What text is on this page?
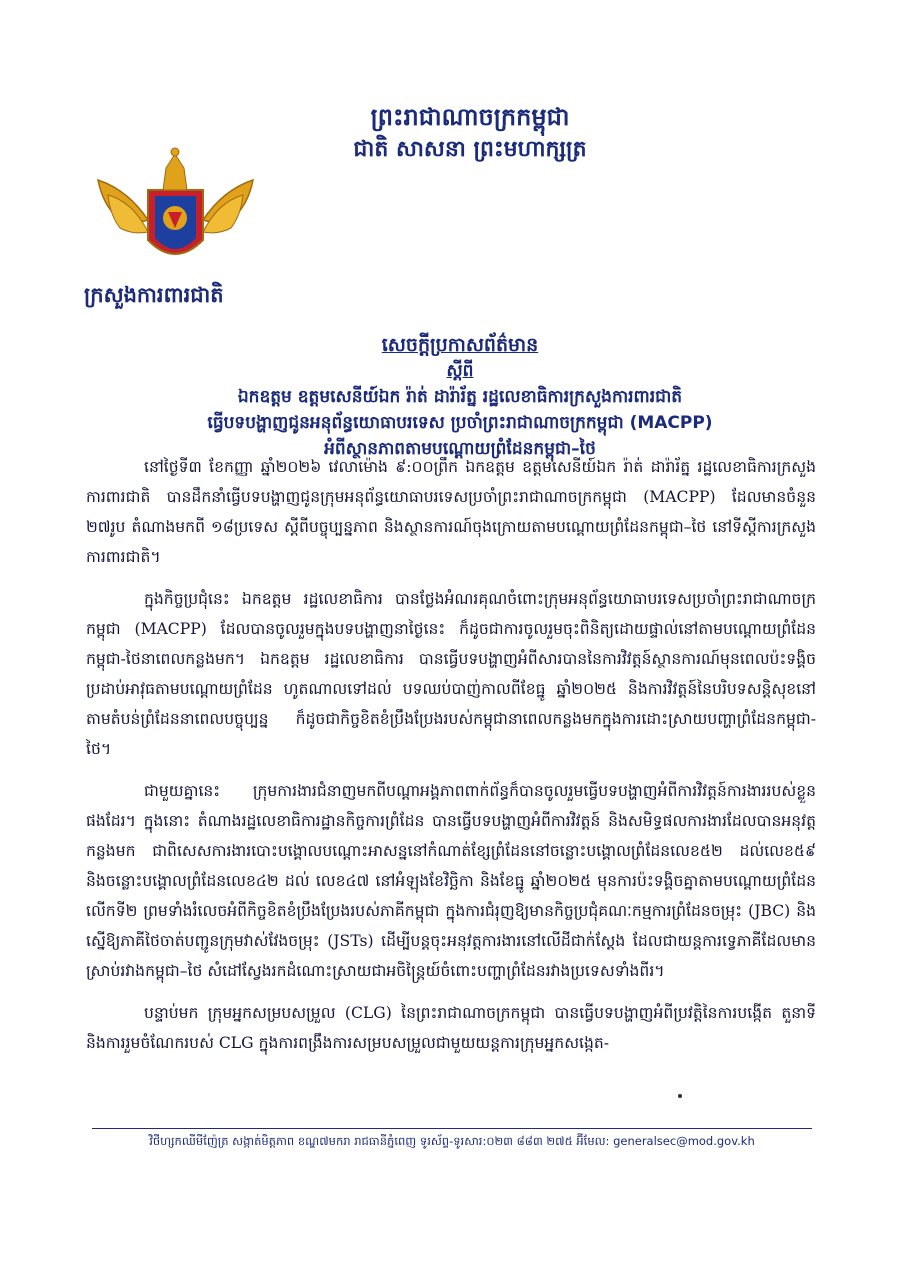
ព្រះរាជាណាចក្រកម្ពុជា
ជាតិ សាសនា ព្រះមហាក្សត្រ
ក្រសួងការពារជាតិ
សេចក្តីប្រកាសព័ត៌មាន
ស្តីពី
ឯកឧត្តម ឧត្តមសេនីយ៍ឯក រ៉ាត់ ដារ៉ារ័ត្ន រដ្ឋលេខាធិការក្រសួងការពារជាតិ
ធ្វើបទបង្ហាញជូនអនុព័ន្ធយោធាបរទេស ប្រចាំព្រះរាជាណាចក្រកម្ពុជា (MACPP)
អំពីស្ថានភាពតាមបណ្តោយព្រំដែនកម្ពុជា–ថៃ

នៅថ្ងៃទី៣ ខែកញ្ញា ឆ្នាំ២០២៦ វេលាម៉ោង ៩:០០ព្រឹក ឯកឧត្តម ឧត្តមសេនីយ៍ឯក រ៉ាត់ ដារ៉ារ័ត្ន រដ្ឋលេខាធិការក្រសួងការពារជាតិ បានដឹកនាំធ្វើបទបង្ហាញជូនក្រុមអនុព័ន្ធយោធាបរទេសប្រចាំព្រះរាជាណាចក្រកម្ពុជា (MACPP) ដែលមានចំនួន ២៧រូប តំណាងមកពី ១៨ប្រទេស ស្តីពីបច្ចុប្បន្នភាព និងស្ថានការណ៍ចុងក្រោយតាមបណ្តោយព្រំដែនកម្ពុជា–ថៃ នៅទីស្តីការក្រសួងការពារជាតិ។

ក្នុងកិច្ចប្រជុំនេះ ឯកឧត្តម រដ្ឋលេខាធិការ បានថ្លែងអំណរគុណចំពោះក្រុមអនុព័ន្ធយោធាបរទេសប្រចាំព្រះរាជាណាចក្រកម្ពុជា (MACPP) ដែលបានចូលរួមក្នុងបទបង្ហាញនាថ្ងៃនេះ ក៏ដូចជាការចូលរួមចុះពិនិត្យដោយផ្ទាល់នៅតាមបណ្តោយព្រំដែនកម្ពុជា-ថៃនាពេលកន្លងមក។ ឯកឧត្តម រដ្ឋលេខាធិការ បានធ្វើបទបង្ហាញអំពីសារបាននៃការវិវត្តន៍ស្ថានការណ៍មុនពេលប៉ះទង្គិចប្រដាប់អាវុធតាមបណ្តោយព្រំដែន ហូតណាលទៅដល់ បទឈប់បាញ់កាលពីខែធ្នូ ឆ្នាំ២០២៥ និងការវិវត្តន៍នៃបរិបទសន្តិសុខនៅតាមតំបន់ព្រំដែននាពេលបច្ចុប្បន្ន ក៏ដូចជាកិច្ចខិតខំប្រឹងប្រែងរបស់កម្ពុជានាពេលកន្លងមកក្នុងការដោះស្រាយបញ្ហាព្រំដែនកម្ពុជា-ថៃ។

ជាមួយគ្នានេះ ក្រុមការងារជំនាញមកពីបណ្តាអង្គភាពពាក់ព័ន្ធក៏បានចូលរួមធ្វើបទបង្ហាញអំពីការវិវត្តន៍ការងាររបស់ខ្លួនផងដែរ។ ក្នុងនោះ តំណាងរដ្ឋលេខាធិការដ្ឋានកិច្ចការព្រំដែន បានធ្វើបទបង្ហាញអំពីការវិវត្តន៍ និងសមិទ្ធផលការងារដែលបានអនុវត្តកន្លងមក ជាពិសេសការងារបោះបង្គោលបណ្តោះអាសន្ននៅកំណាត់ខ្សែព្រំដែននៅចន្លោះបង្គោលព្រំដែនលេខ៥២ ដល់លេខ៥៩ និងចន្លោះបង្គោលព្រំដែនលេខ៤២ ដល់ លេខ៤៧ នៅអំឡុងខែវិច្ឆិកា និងខែធ្នូ ឆ្នាំ២០២៥ មុនការប៉ះទង្គិចគ្នាតាមបណ្តោយព្រំដែនលើកទី២ ព្រមទាំងរំលេចអំពីកិច្ចខិតខំប្រឹងប្រែងរបស់ភាគីកម្ពុជា ក្នុងការជំរុញឱ្យមានកិច្ចប្រជុំគណៈកម្មការព្រំដែនចម្រុះ (JBC) និងស្នើឱ្យភាគីថៃចាត់បញ្ជូនក្រុមវាស់វែងចម្រុះ (JSTs) ដើម្បីបន្តចុះអនុវត្តការងារនៅលើដីជាក់ស្តែង ដែលជាយន្តការទ្វេភាគីដែលមានស្រាប់រវាងកម្ពុជា–ថៃ សំដៅស្វែងរកដំណោះស្រាយជាអចិន្ត្រៃយ៍ចំពោះបញ្ហាព្រំដែនរវាងប្រទេសទាំងពីរ។

បន្ទាប់មក ក្រុមអ្នកសម្របសម្រួល (CLG) នៃព្រះរាជាណាចក្រកម្ពុជា បានធ្វើបទបង្ហាញអំពីប្រវត្តិនៃការបង្កើត តួនាទី និងការរួមចំណែករបស់ CLG ក្នុងការពង្រឹងការសម្របសម្រួលជាមួយយន្តការក្រុមអ្នកសង្កេត-

វិថីហ្សកឈីមីញ៉ែត្រ សង្កាត់មិត្តភាព ខណ្ឌ៧មករា រាជធានីភ្នំពេញ ទូរស័ព្ទ-ទូរសារ:០២៣ ៨៨៣ ២៧៥ អ៊ីមែល: generalsec@mod.gov.kh
